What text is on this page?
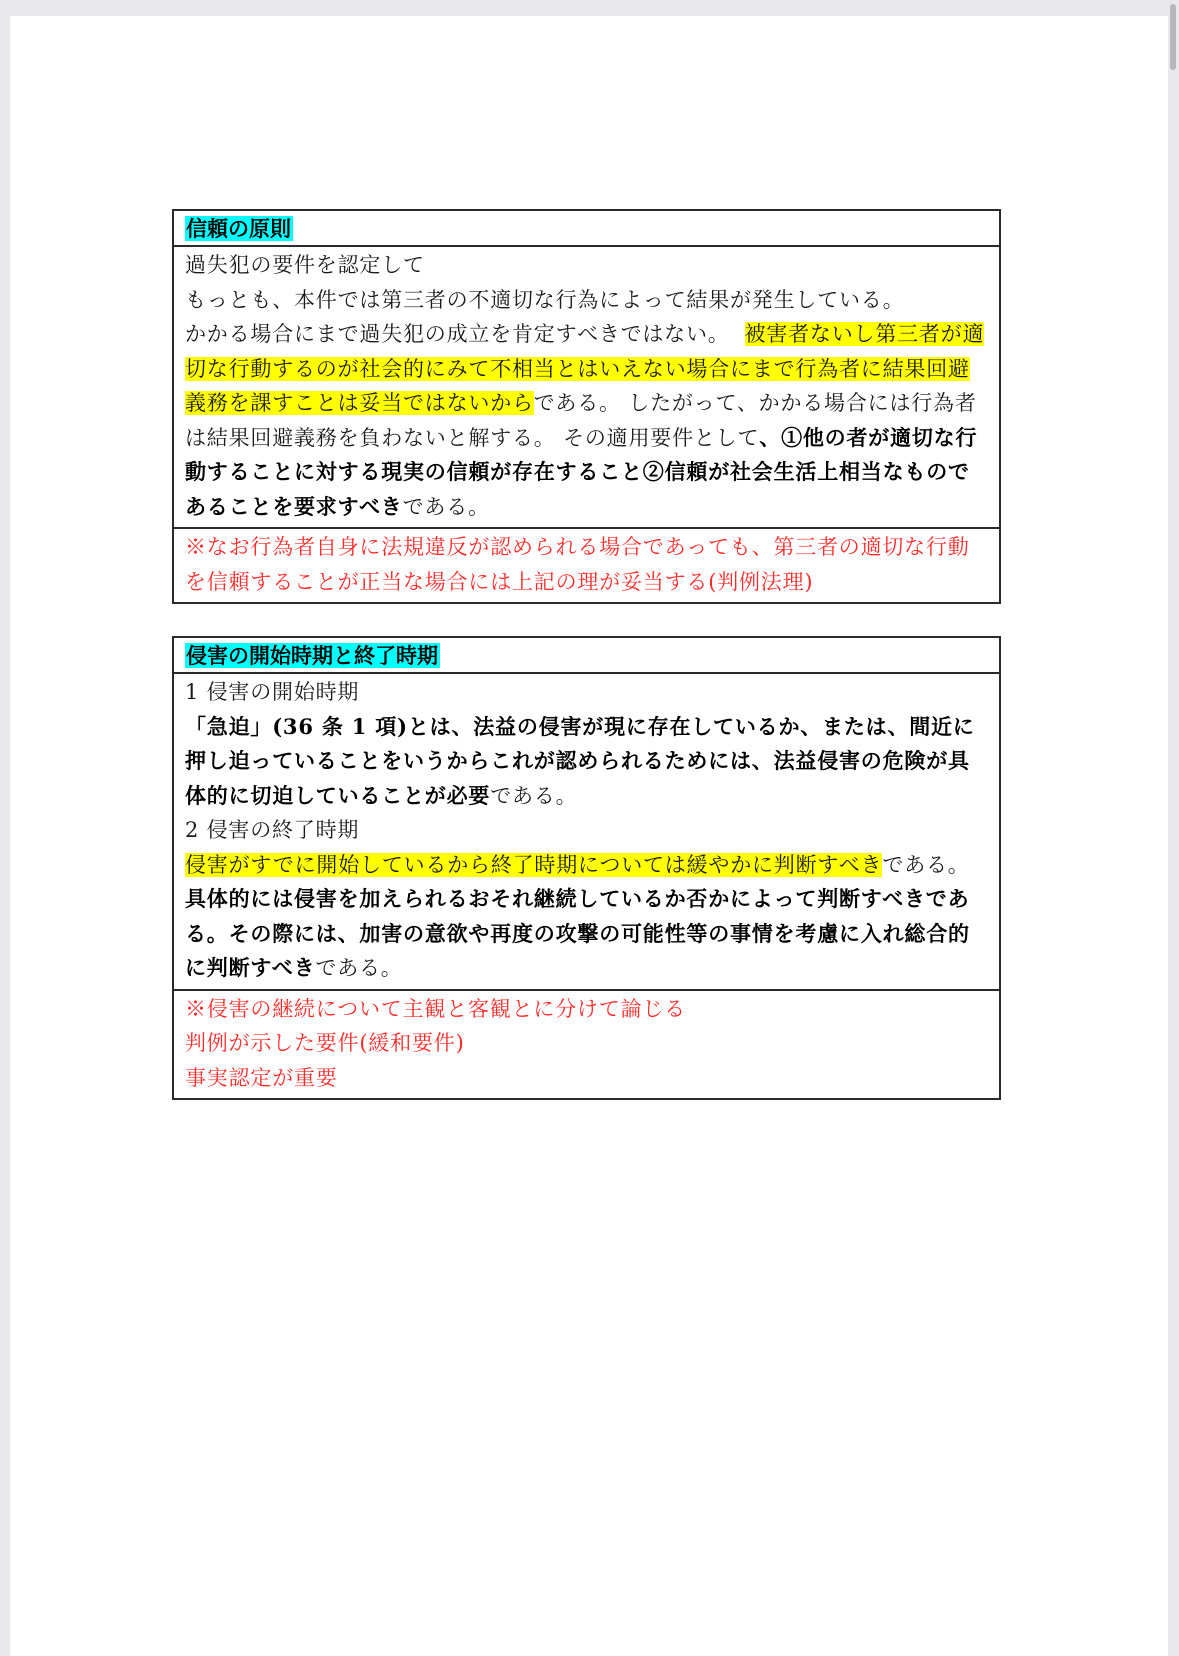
信頼の原則

過失犯の要件を認定して

もっとも、本件では第三者の不適切な行為によって結果が発生している。

かかる場合にまで過失犯の成立を肯定すべきではない。 被害者ないし第三者が適切な行動するのが社会的にみて不相当とはいえない場合にまで行為者に結果回避義務を課すことは妥当ではないからである。 したがって、かかる場合には行為者は結果回避義務を負わないと解する。 その適用要件として、①他の者が適切な行動することに対する現実の信頼が存在すること②信頼が社会生活上相当なものであることを要求すべきである。

※なお行為者自身に法規違反が認められる場合であっても、第三者の適切な行動を信頼することが正当な場合には上記の理が妥当する(判例法理)

侵害の開始時期と終了時期

1 侵害の開始時期

「急迫」(36 条 1 項)とは、法益の侵害が現に存在しているか、または、間近に押し迫っていることをいうからこれが認められるためには、法益侵害の危険が具体的に切迫していることが必要である。

2 侵害の終了時期

侵害がすでに開始しているから終了時期については緩やかに判断すべきである。 具体的には侵害を加えられるおそれ継続しているか否かによって判断すべきである。その際には、加害の意欲や再度の攻撃の可能性等の事情を考慮に入れ総合的に判断すべきである。

※侵害の継続について主観と客観とに分けて論じる

判例が示した要件(緩和要件)

事実認定が重要
